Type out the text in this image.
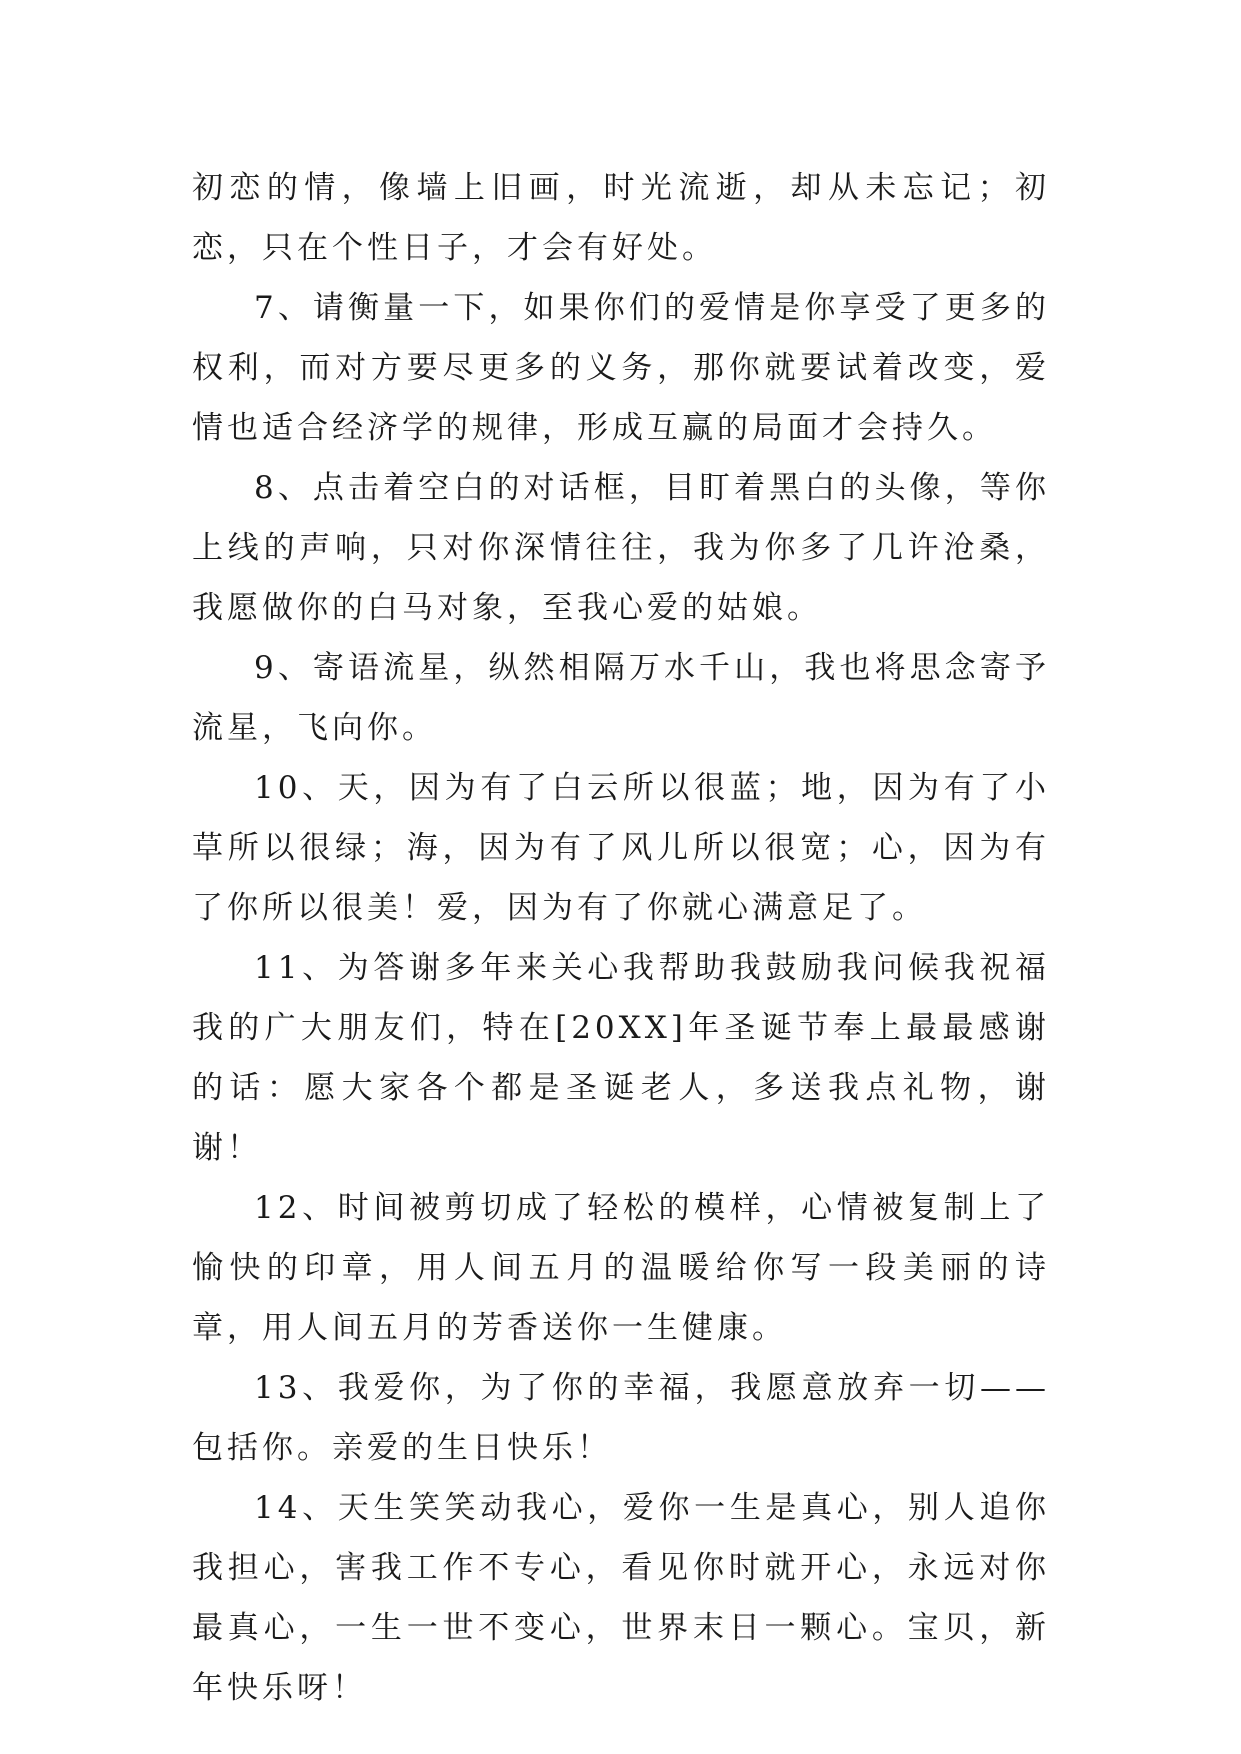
初恋的情，像墙上旧画，时光流逝，却从未忘记；初恋，只在个性日子，才会有好处。

7、请衡量一下，如果你们的爱情是你享受了更多的权利，而对方要尽更多的义务，那你就要试着改变，爱情也适合经济学的规律，形成互赢的局面才会持久。

8、点击着空白的对话框，目盯着黑白的头像，等你上线的声响，只对你深情往往，我为你多了几许沧桑，我愿做你的白马对象，至我心爱的姑娘。

9、寄语流星，纵然相隔万水千山，我也将思念寄予流星，飞向你。

10、天，因为有了白云所以很蓝；地，因为有了小草所以很绿；海，因为有了风儿所以很宽；心，因为有了你所以很美！爱，因为有了你就心满意足了。

11、为答谢多年来关心我帮助我鼓励我问候我祝福我的广大朋友们，特在[20XX]年圣诞节奉上最最感谢的话：愿大家各个都是圣诞老人，多送我点礼物，谢谢！

12、时间被剪切成了轻松的模样，心情被复制上了愉快的印章，用人间五月的温暖给你写一段美丽的诗章，用人间五月的芳香送你一生健康。

13、我爱你，为了你的幸福，我愿意放弃一切——包括你。亲爱的生日快乐！

14、天生笑笑动我心，爱你一生是真心，别人追你我担心，害我工作不专心，看见你时就开心，永远对你最真心，一生一世不变心，世界末日一颗心。宝贝，新年快乐呀！
